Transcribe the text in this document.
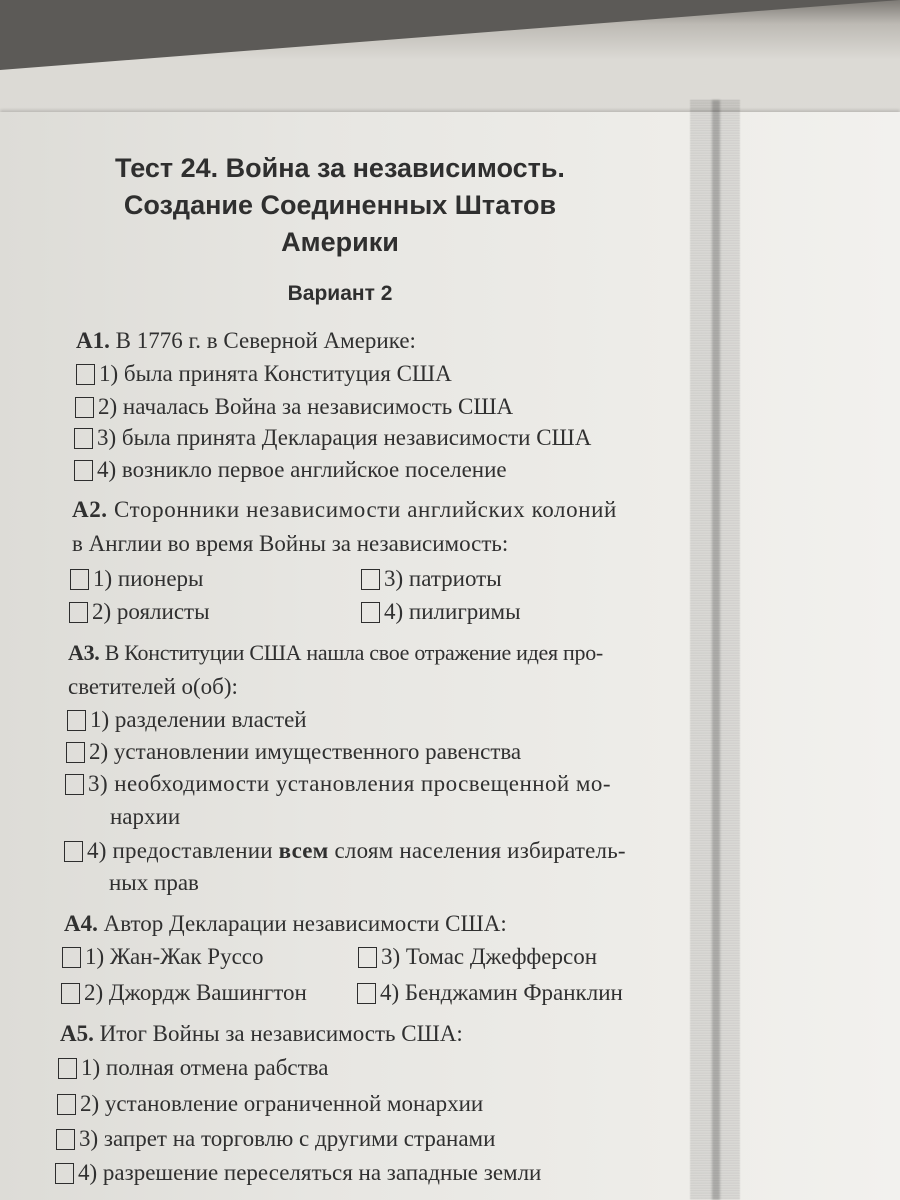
Тест 24. Война за независимость.
Создание Соединенных Штатов
Америки
Вариант 2
А1. В 1776 г. в Северной Америке:
1) была принята Конституция США
2) началась Война за независимость США
3) была принята Декларация независимости США
4) возникло первое английское поселение
А2. Сторонники независимости английских колоний
в Англии во время Войны за независимость:
1) пионеры	3) патриоты
2) роялисты	4) пилигримы
А3. В Конституции США нашла свое отражение идея про-
светителей о(об):
1) разделении властей
2) установлении имущественного равенства
3) необходимости установления просвещенной мо-
нархии
4) предоставлении
всем
слоям населения избиратель-
ных прав
А4. Автор Декларации независимости США:
1) Жан-Жак Руссо	3) Томас Джефферсон
2) Джордж Вашингтон	4) Бенджамин Франклин
А5. Итог Войны за независимость США:
1) полная отмена рабства
2) установление ограниченной монархии
3) запрет на торговлю с другими странами
4) разрешение переселяться на западные земли
